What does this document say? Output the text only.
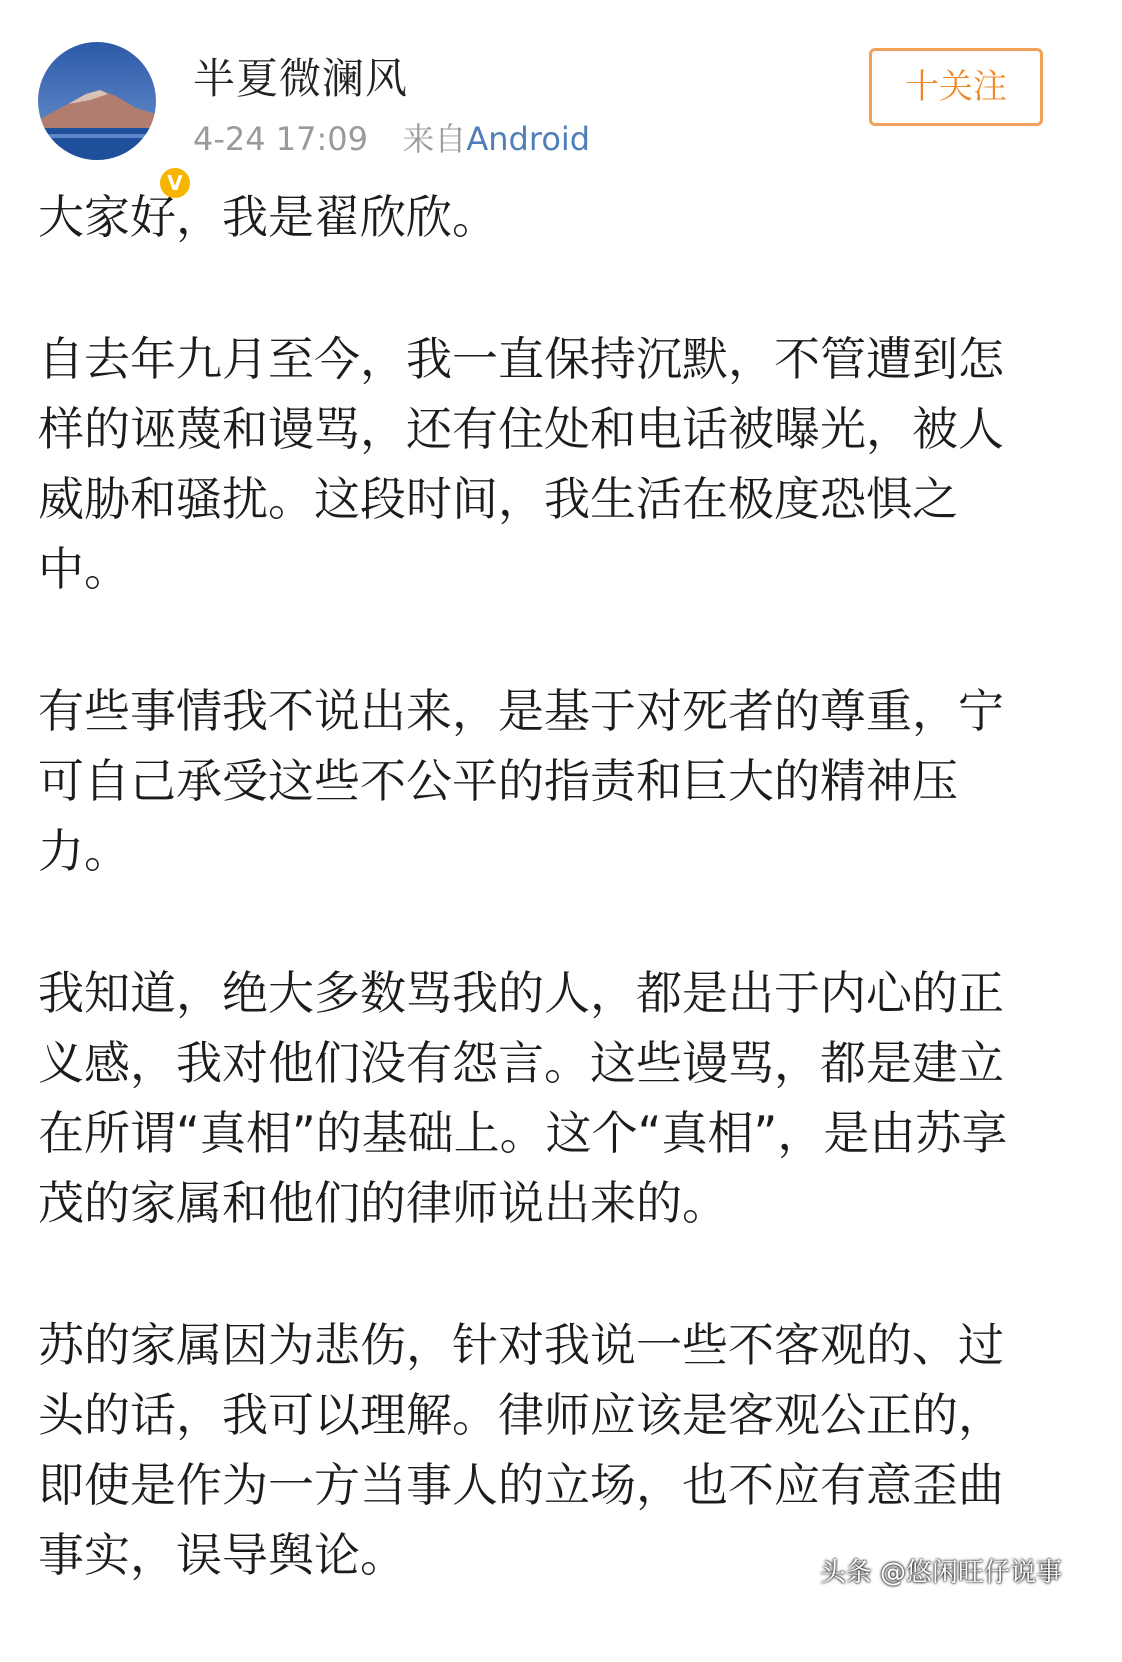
V
半夏微澜风
4-24 17:09 来自Android
十关注

大家好，我是翟欣欣。

自去年九月至今，我一直保持沉默，不管遭到怎样的诬蔑和谩骂，还有住处和电话被曝光，被人威胁和骚扰。这段时间，我生活在极度恐惧之中。

有些事情我不说出来，是基于对死者的尊重，宁可自己承受这些不公平的指责和巨大的精神压力。

我知道，绝大多数骂我的人，都是出于内心的正义感，我对他们没有怨言。这些谩骂，都是建立在所谓“真相”的基础上。这个“真相”，是由苏享茂的家属和他们的律师说出来的。

苏的家属因为悲伤，针对我说一些不客观的、过头的话，我可以理解。律师应该是客观公正的，即使是作为一方当事人的立场，也不应有意歪曲事实，误导舆论。	头条 @悠闲旺仔说事
